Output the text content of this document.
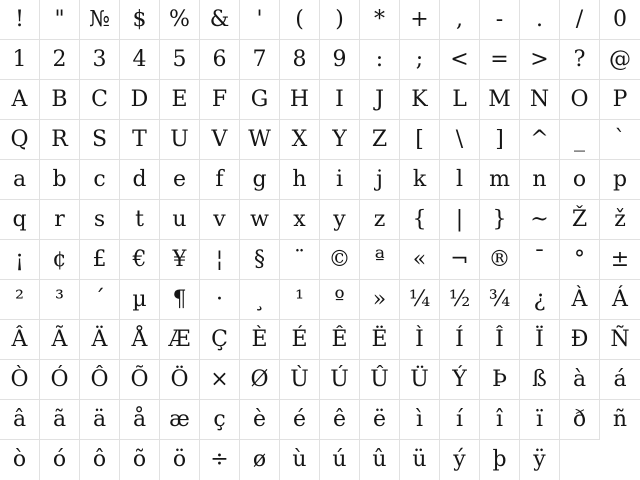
! " № $ % & ' ( ) * + , - . / 0
1 2 3 4 5 6 7 8 9 : ; < = > ? @
A B C D E F G H I J K L M N O P
Q R S T U V W X Y Z [ \ ] ^ _ `
a b c d e f g h i j k l m n o p
q r s t u v w x y z { | } ~ Ž ž
¡ ¢ £ € ¥ ¦ § ¨ © ª « ¬ ® ¯ ° ±
² ³ ´ µ ¶ · ¸ ¹ º » ¼ ½ ¾ ¿ À Á
Â Ã Ä Å Æ Ç È É Ê Ë Ì Í Î Ï Ð Ñ
Ò Ó Ô Õ Ö × Ø Ù Ú Û Ü Ý Þ ß à á
â ã ä å æ ç è é ê ë ì í î ï ð ñ
ò ó ô õ ö ÷ ø ù ú û ü ý þ ÿ
